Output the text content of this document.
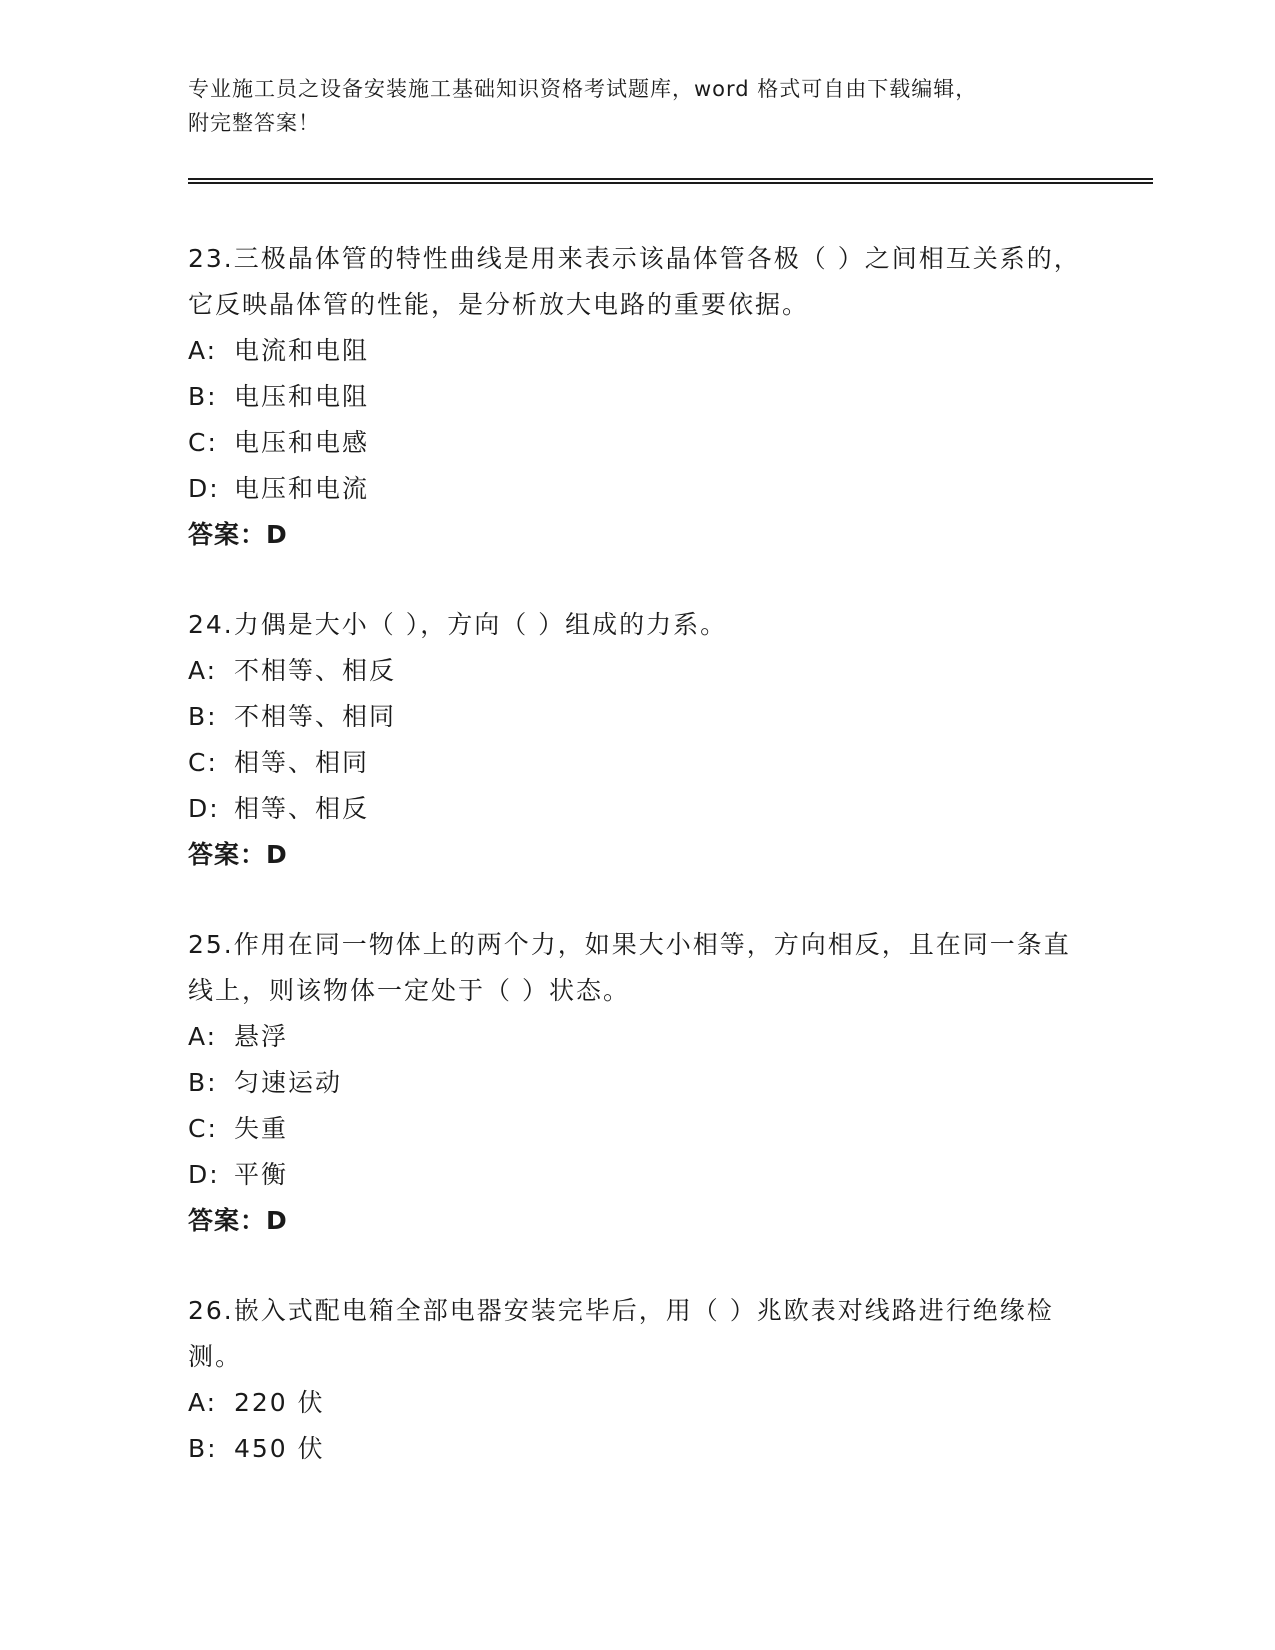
专业施工员之设备安装施工基础知识资格考试题库，word 格式可自由下载编辑，
附完整答案！

23.三极晶体管的特性曲线是用来表示该晶体管各极（ ）之间相互关系的，它反映晶体管的性能，是分析放大电路的重要依据。

A: 电流和电阻
B: 电压和电阻
C: 电压和电感
D: 电压和电流
答案：D

24.力偶是大小（ ），方向（ ）组成的力系。

A: 不相等、相反
B: 不相等、相同
C: 相等、相同
D: 相等、相反
答案：D

25.作用在同一物体上的两个力，如果大小相等，方向相反，且在同一条直线上，则该物体一定处于（ ）状态。

A: 悬浮
B: 匀速运动
C: 失重
D: 平衡
答案：D

26.嵌入式配电箱全部电器安装完毕后，用（ ）兆欧表对线路进行绝缘检测。

A: 220 伏
B: 450 伏
